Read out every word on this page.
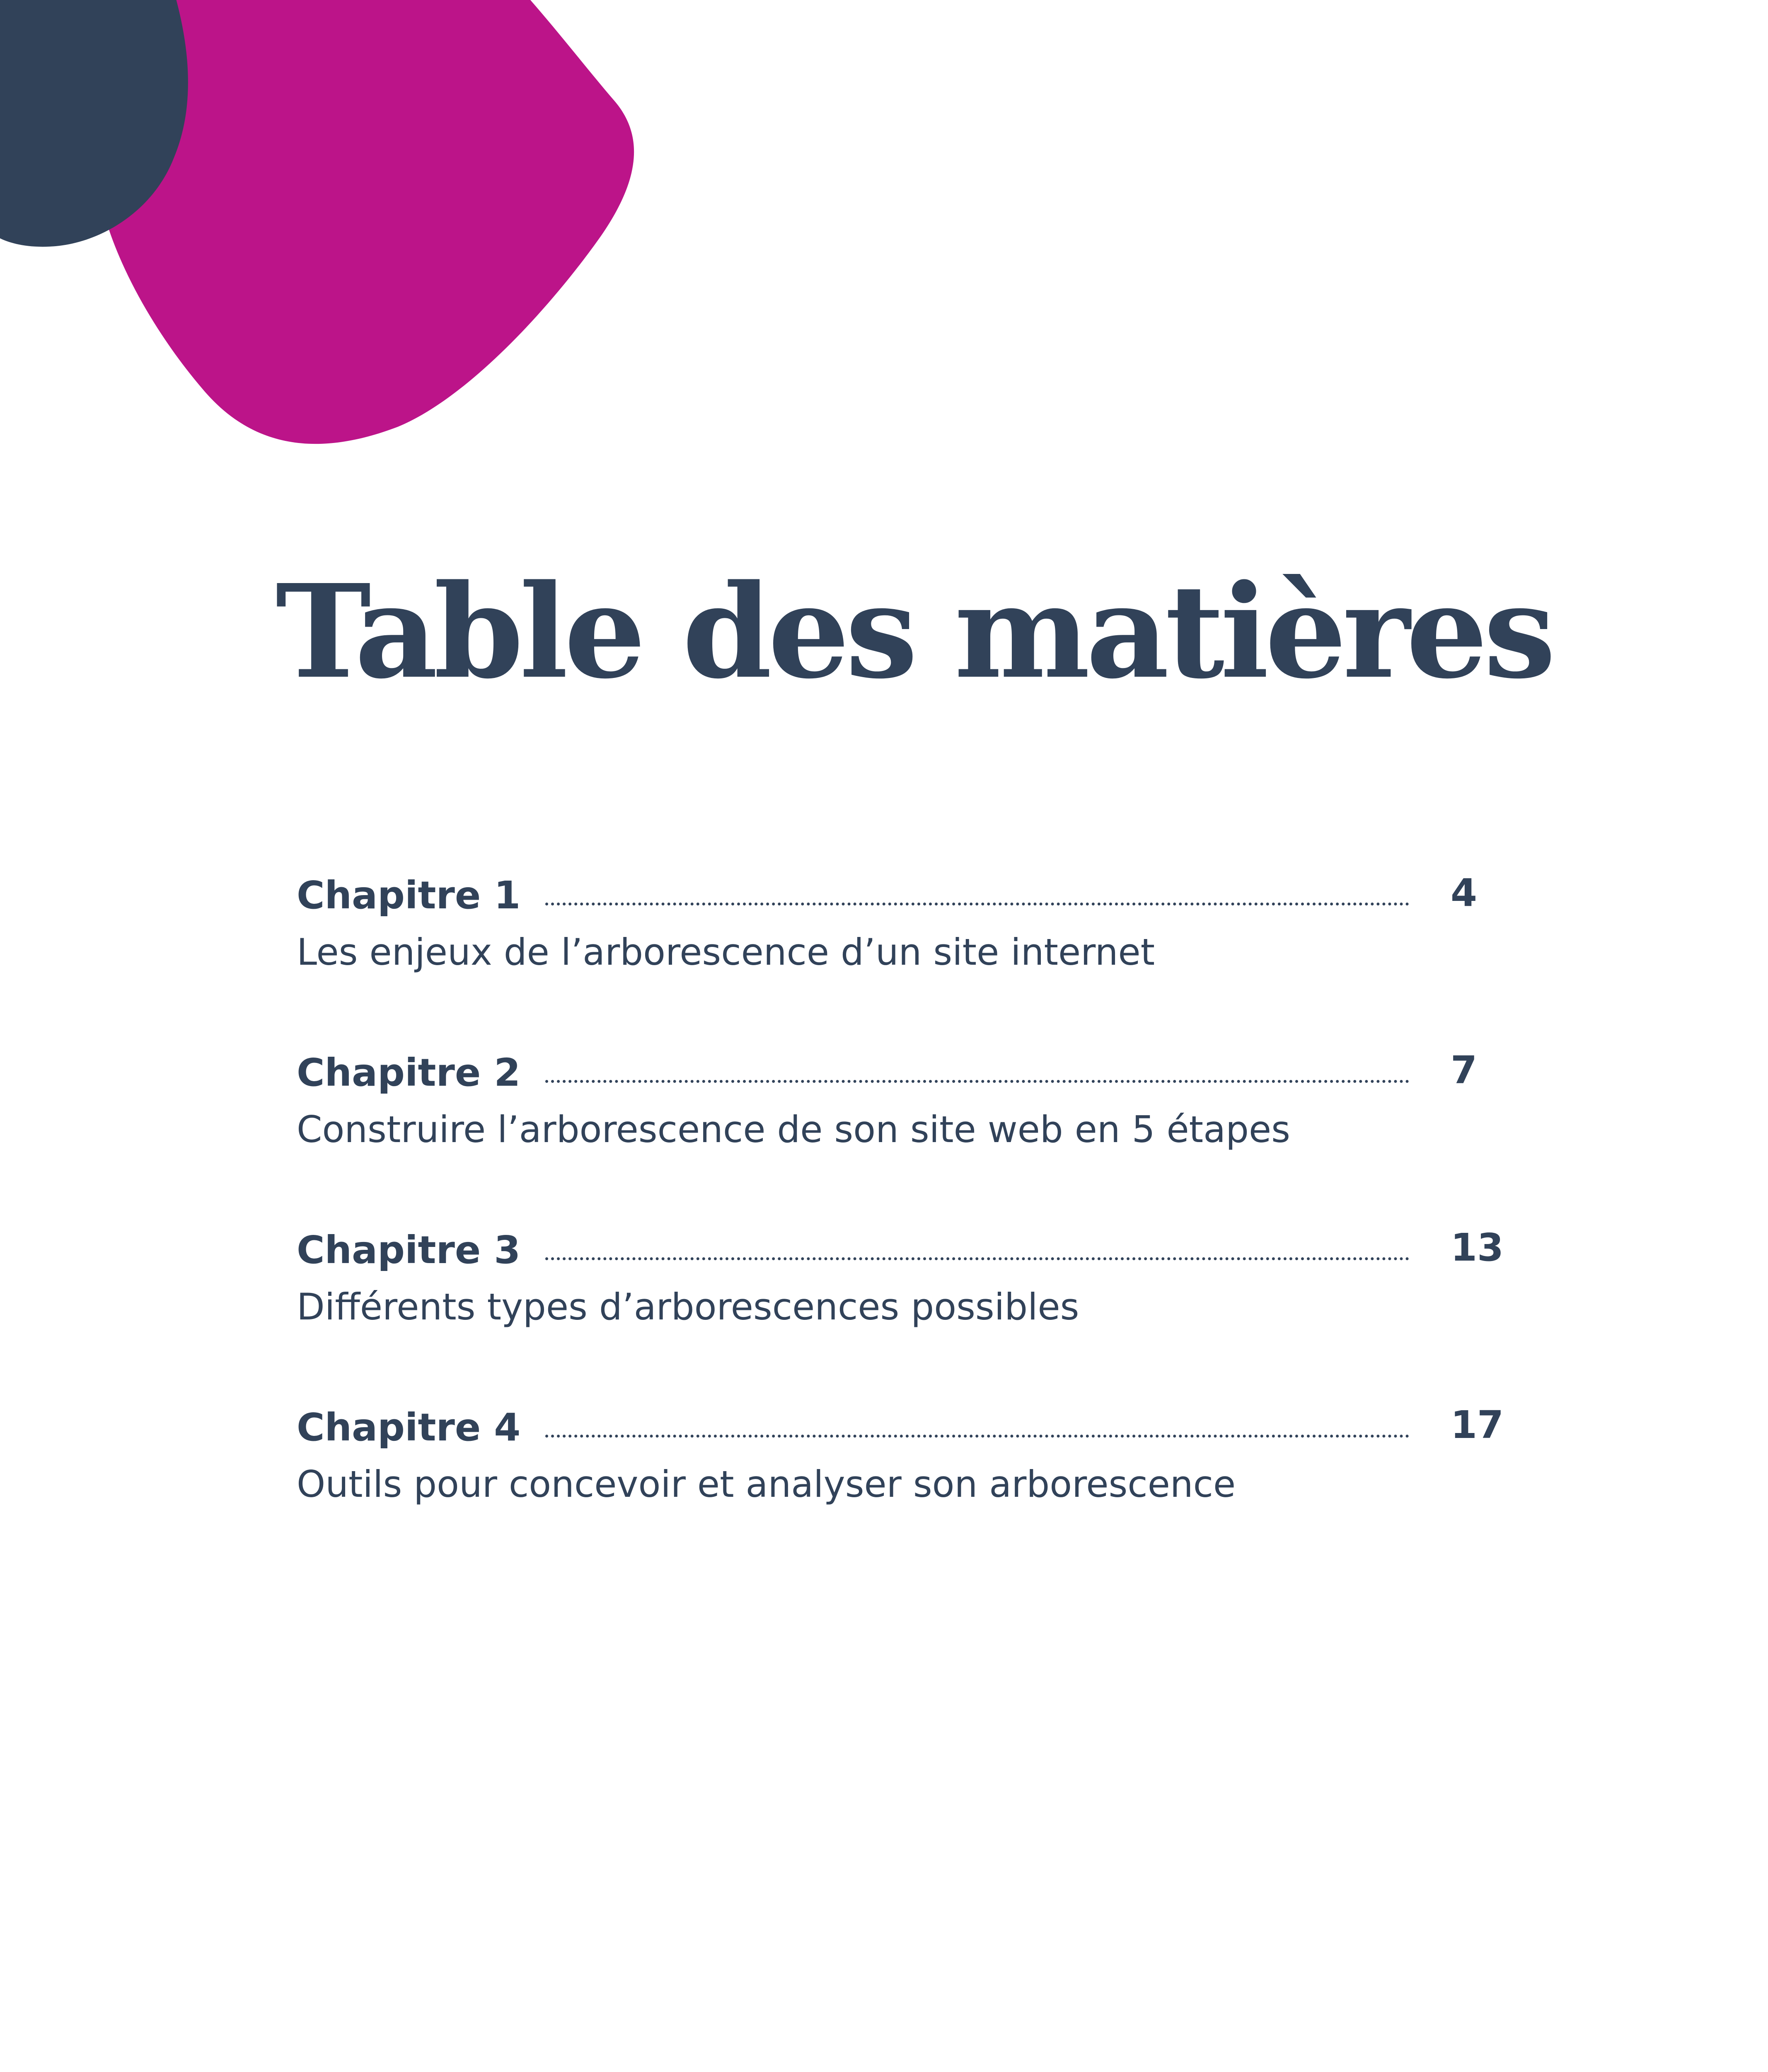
Table des matières
Chapitre 1	4
Les enjeux de l’arborescence d’un site internet
Chapitre 2	7
Construire l’arborescence de son site web en 5 étapes
Chapitre 3	13
Différents types d’arborescences possibles
Chapitre 4	17
Outils pour concevoir et analyser son arborescence
